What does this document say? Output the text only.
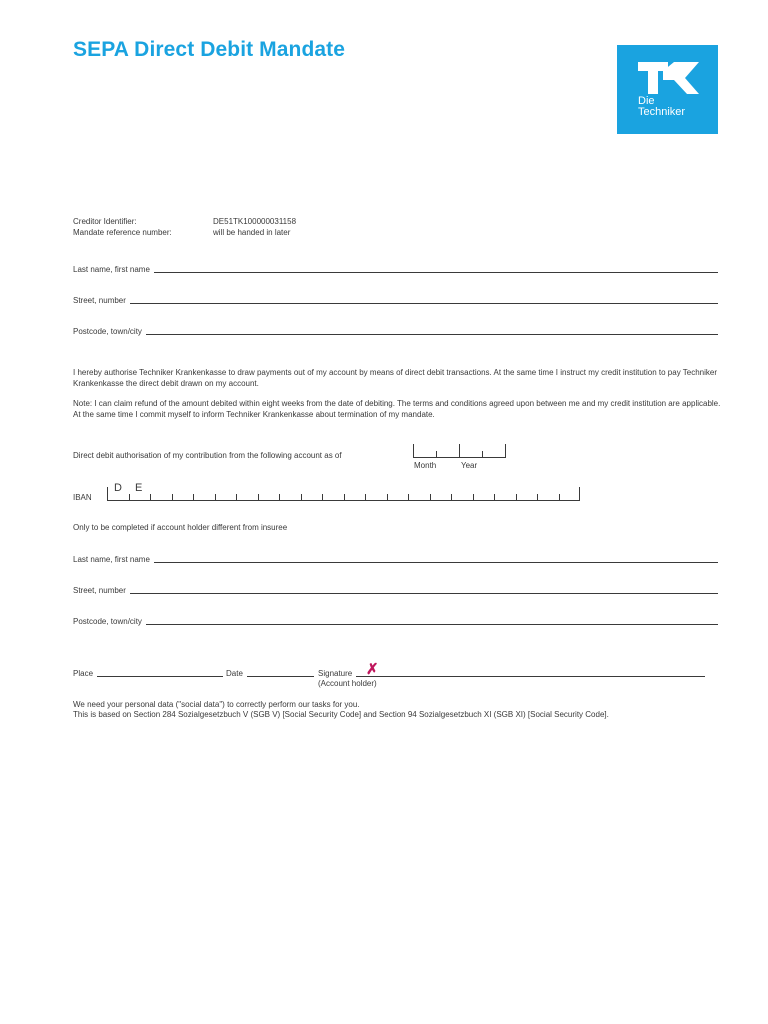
SEPA Direct Debit Mandate
Die
Techniker
Creditor Identifier:	DE51TK100000031158
Mandate reference number:	will be handed in later
Last name, first name
Street, number
Postcode, town/city
I hereby authorise Techniker Krankenkasse to draw payments out of my account by means of direct debit transactions. At the same time I instruct my credit institution to pay Techniker Krankenkasse the direct debit drawn on my account.
Note: I can claim refund of the amount debited within eight weeks from the date of debiting. The terms and conditions agreed upon between me and my credit institution are applicable. At the same time I commit myself to inform Techniker Krankenkasse about termination of my mandate.
Direct debit authorisation of my contribution from the following account as of
Month	Year
IBAN
D E
Only to be completed if account holder different from insuree
Last name, first name
Street, number
Postcode, town/city
Place	Date	Signature ✗
(Account holder)
We need your personal data ("social data") to correctly perform our tasks for you.
This is based on Section 284 Sozialgesetzbuch V (SGB V) [Social Security Code] and Section 94 Sozialgesetzbuch XI (SGB XI) [Social Security Code].
